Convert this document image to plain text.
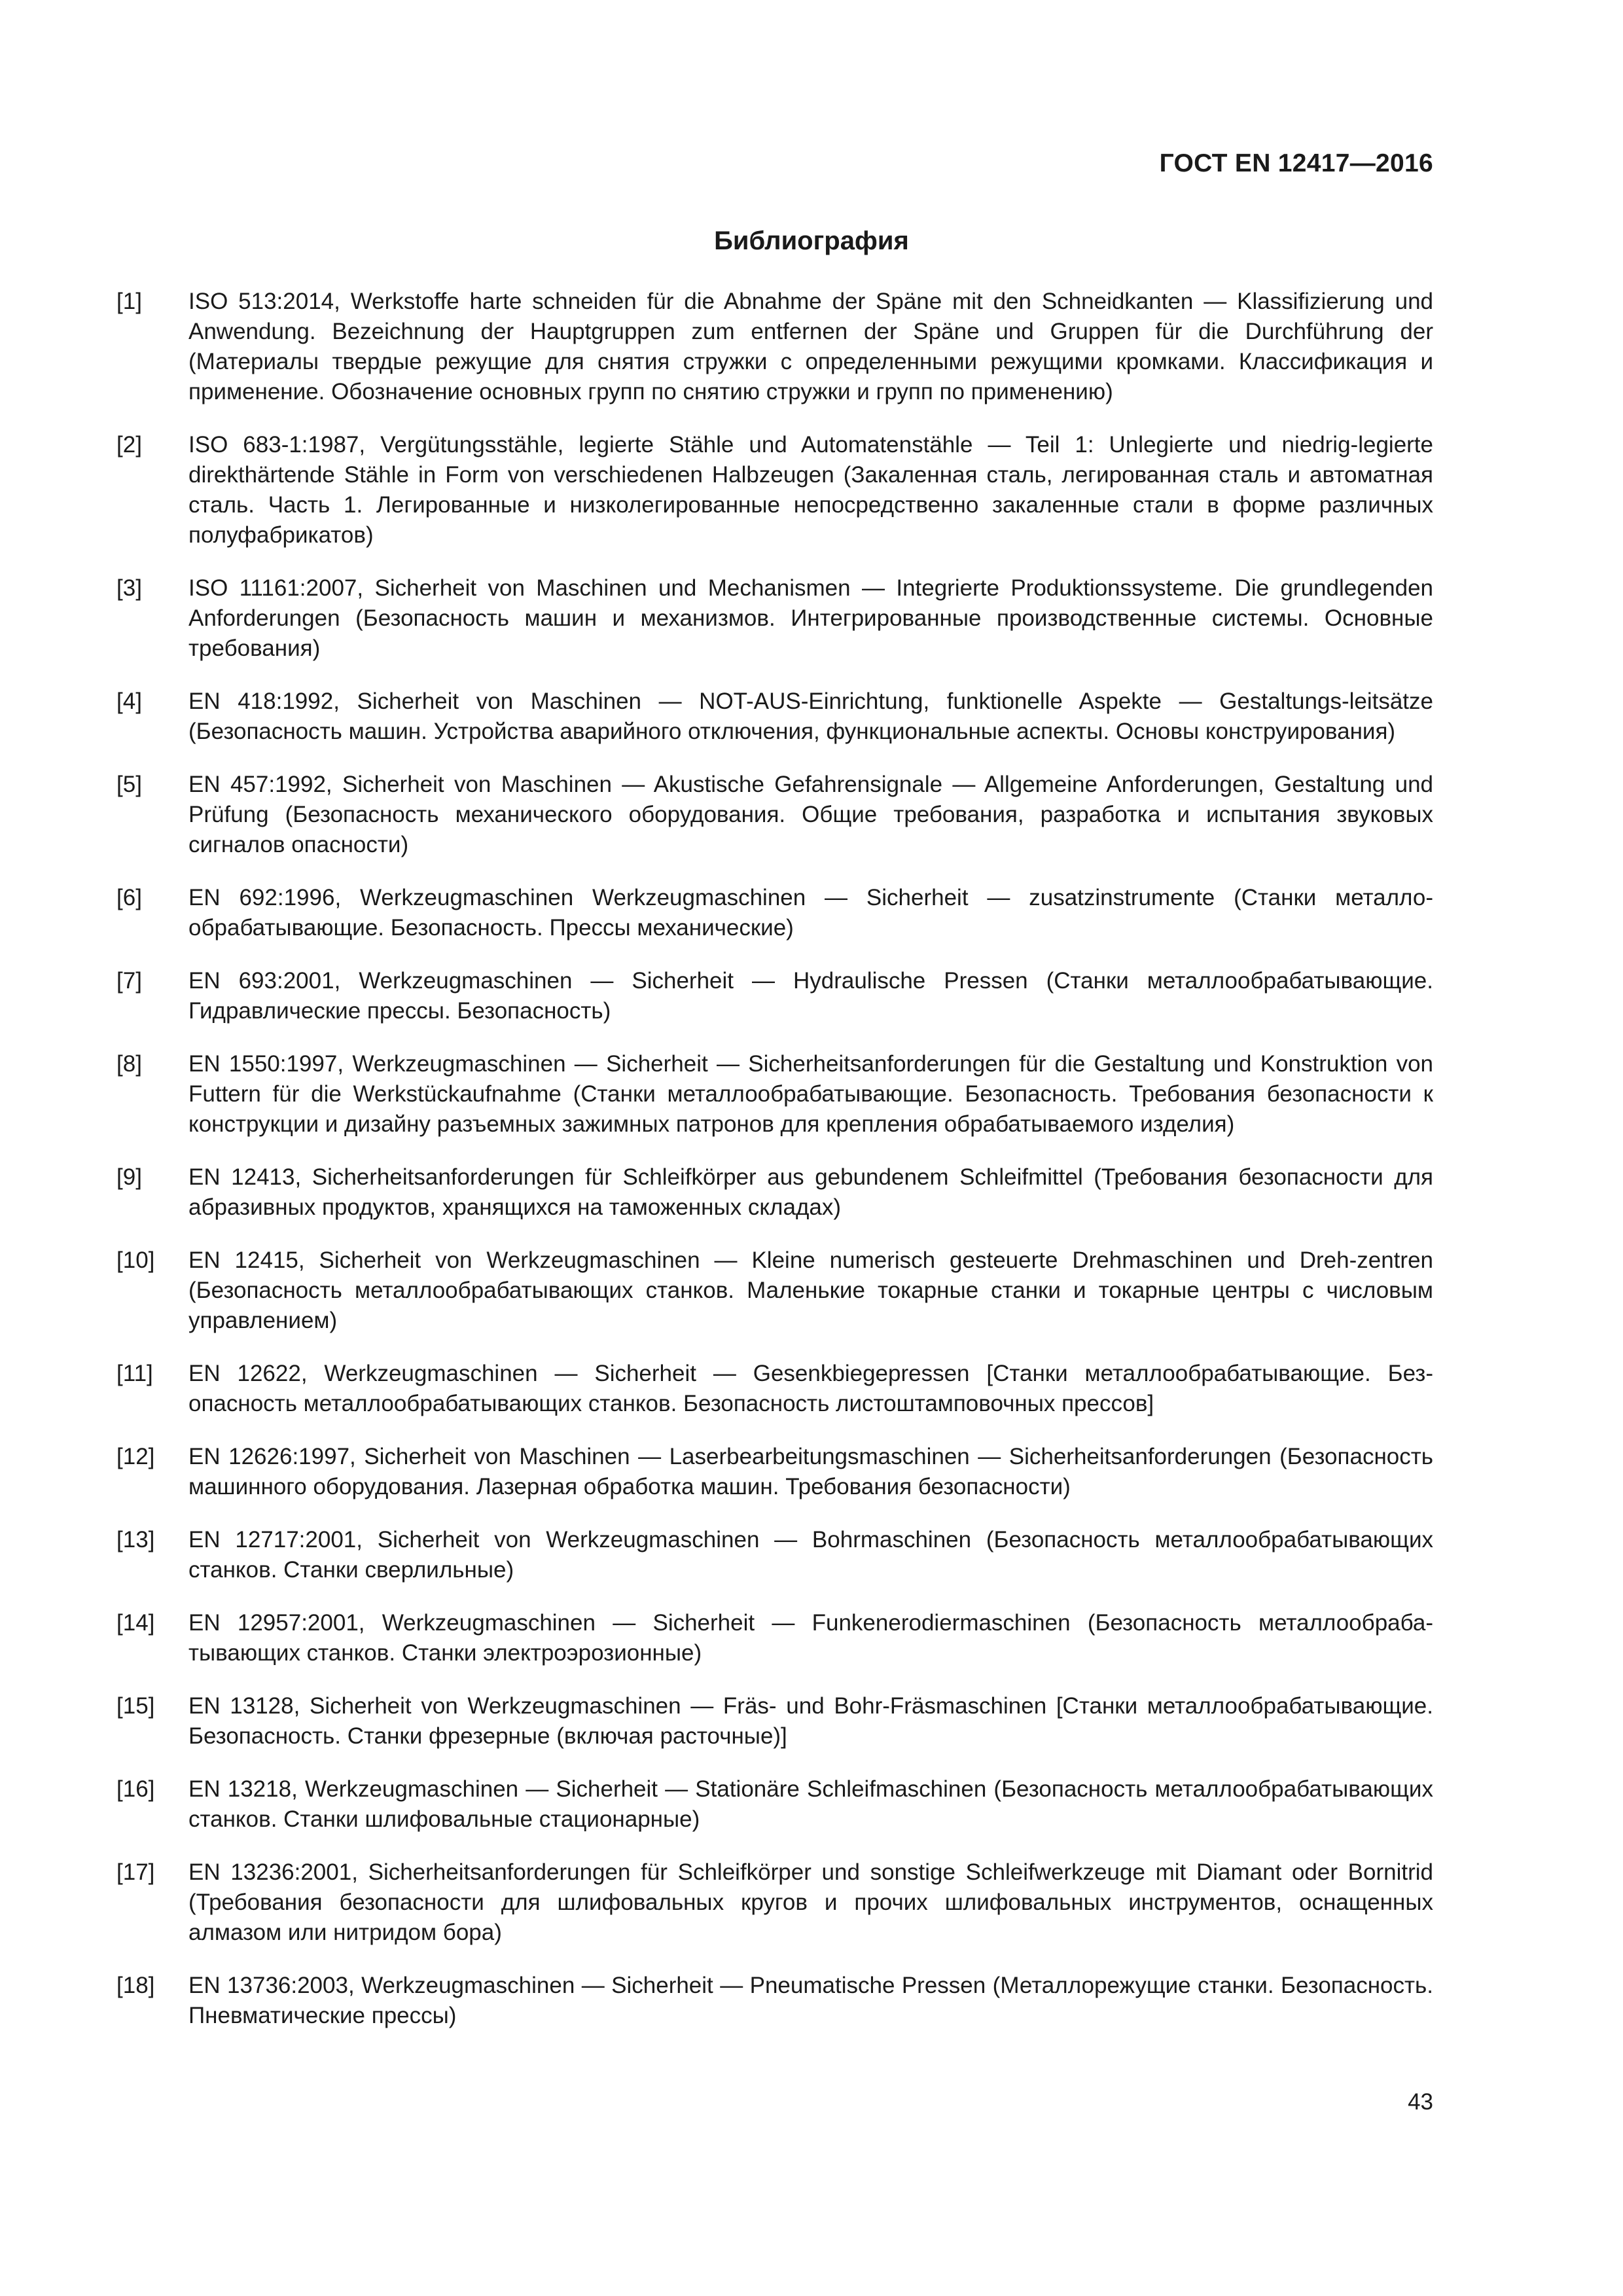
ГОСТ EN 12417—2016
Библиография
[1]	ISO 513:2014, Werkstoffe harte schneiden für die Abnahme der Späne mit den Schneidkanten — Klassifizierung und Anwendung. Bezeichnung der Hauptgruppen zum entfernen der Späne und Gruppen für die Durchführung der (Материалы твердые режущие для снятия стружки с определенными режущими кромками. Классификация и применение. Обозначение основных групп по снятию стружки и групп по применению)
[2]	ISO 683-1:1987, Vergütungsstähle, legierte Stähle und Automatenstähle — Teil 1: Unlegierte und niedrig-legierte direkthärtende Stähle in Form von verschiedenen Halbzeugen (Закаленная сталь, легированная сталь и автоматная сталь. Часть 1. Легированные и низколегированные непосредственно закаленные стали в форме различных полуфабрикатов)
[3]	ISO 11161:2007, Sicherheit von Maschinen und Mechanismen — Integrierte Produktionssysteme. Die grundlegenden Anforderungen (Безопасность машин и механизмов. Интегрированные производственные системы. Основные требования)
[4]	EN 418:1992, Sicherheit von Maschinen — NOT-AUS-Einrichtung, funktionelle Aspekte — Gestaltungs-leitsätze (Безопасность машин. Устройства аварийного отключения, функциональные аспекты. Основы конструирования)
[5]	EN 457:1992, Sicherheit von Maschinen — Akustische Gefahrensignale — Allgemeine Anforderungen, Gestaltung und Prüfung (Безопасность механического оборудования. Общие требования, разработка и испытания звуковых сигналов опасности)
[6]	EN 692:1996, Werkzeugmaschinen Werkzeugmaschinen — Sicherheit — zusatzinstrumente (Станки металлообрабатывающие. Безопасность. Прессы механические)
[7]	EN 693:2001, Werkzeugmaschinen — Sicherheit — Hydraulische Pressen (Станки металлообрабатывающие. Гидравлические прессы. Безопасность)
[8]	EN 1550:1997, Werkzeugmaschinen — Sicherheit — Sicherheitsanforderungen für die Gestaltung und Konstruktion von Futtern für die Werkstückaufnahme (Станки металлообрабатывающие. Безопасность. Требования безопасности к конструкции и дизайну разъемных зажимных патронов для крепления обрабатываемого изделия)
[9]	EN 12413, Sicherheitsanforderungen für Schleifkörper aus gebundenem Schleifmittel (Требования безопасности для абразивных продуктов, хранящихся на таможенных складах)
[10]	EN 12415, Sicherheit von Werkzeugmaschinen — Kleine numerisch gesteuerte Drehmaschinen und Dreh-zentren (Безопасность металлообрабатывающих станков. Маленькие токарные станки и токарные центры с числовым управлением)
[11]	EN 12622, Werkzeugmaschinen — Sicherheit — Gesenkbiegepressen [Станки металлообрабатывающие. Безопасность металлообрабатывающих станков. Безопасность листоштамповочных прессов]
[12]	EN 12626:1997, Sicherheit von Maschinen — Laserbearbeitungsmaschinen — Sicherheitsanforderungen (Безопасность машинного оборудования. Лазерная обработка машин. Требования безопасности)
[13]	EN 12717:2001, Sicherheit von Werkzeugmaschinen — Bohrmaschinen (Безопасность металлообрабатывающих станков. Станки сверлильные)
[14]	EN 12957:2001, Werkzeugmaschinen — Sicherheit — Funkenerodiermaschinen (Безопасность металлообрабатывающих станков. Станки электроэрозионные)
[15]	EN 13128, Sicherheit von Werkzeugmaschinen — Fräs- und Bohr-Fräsmaschinen [Станки металлообрабатывающие. Безопасность. Станки фрезерные (включая расточные)]
[16]	EN 13218, Werkzeugmaschinen — Sicherheit — Stationäre Schleifmaschinen (Безопасность металлообрабатывающих станков. Станки шлифовальные стационарные)
[17]	EN 13236:2001, Sicherheitsanforderungen für Schleifkörper und sonstige Schleifwerkzeuge mit Diamant oder Bornitrid (Требования безопасности для шлифовальных кругов и прочих шлифовальных инструментов, оснащенных алмазом или нитридом бора)
[18]	EN 13736:2003, Werkzeugmaschinen — Sicherheit — Pneumatische Pressen (Металлорежущие станки. Безопасность. Пневматические прессы)
43
